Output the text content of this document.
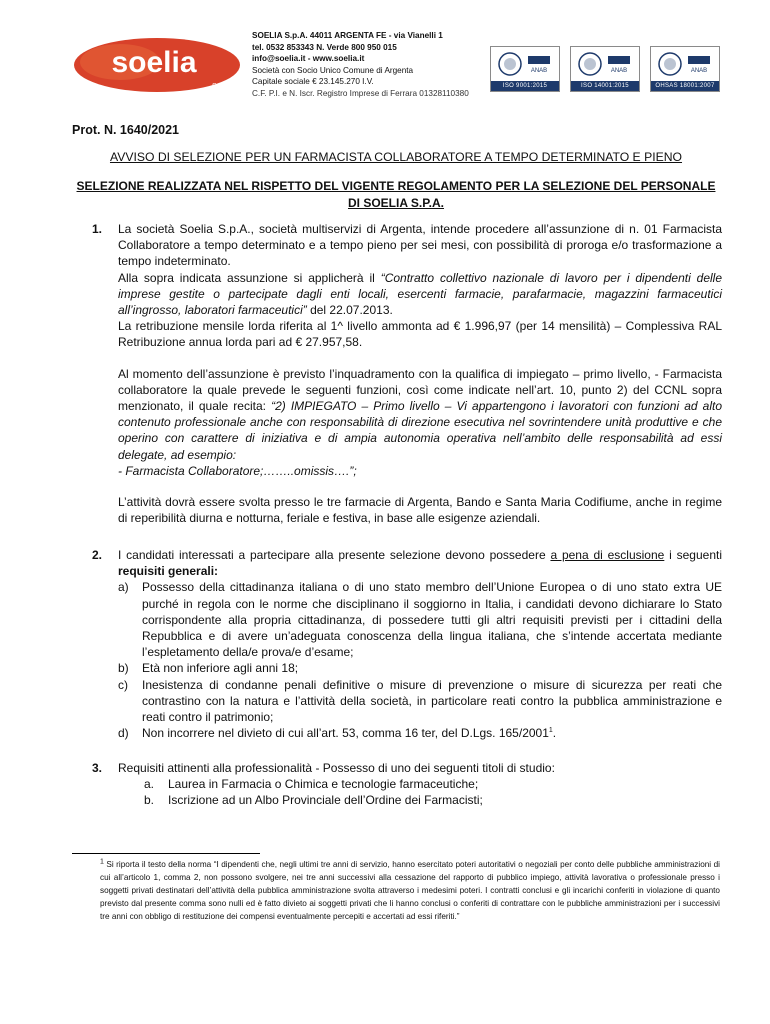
soelia
S.p.A.
SOELIA S.p.A. 44011 ARGENTA FE - via Vianelli 1
tel. 0532 853343 N. Verde 800 950 015
info@soelia.it - www.soelia.it
Società con Socio Unico Comune di Argenta
Capitale sociale € 23.145.270 I.V.
C.F. P.I. e N. Iscr. Registro Imprese di Ferrara 01328110380
ANAB
ISO 9001:2015
ANAB
ISO 14001:2015
ANAB
OHSAS 18001:2007
Prot. N. 1640/2021
AVVISO DI SELEZIONE PER UN FARMACISTA COLLABORATORE A TEMPO DETERMINATO E PIENO
SELEZIONE REALIZZATA NEL RISPETTO DEL VIGENTE REGOLAMENTO PER LA SELEZIONE DEL PERSONALE DI SOELIA S.P.A.
1. La società Soelia S.p.A., società multiservizi di Argenta, intende procedere all’assunzione di n. 01 Farmacista Collaboratore a tempo determinato e a tempo pieno per sei mesi, con possibilità di proroga e/o trasformazione a tempo indeterminato.

Alla sopra indicata assunzione si applicherà il “Contratto collettivo nazionale di lavoro per i dipendenti delle imprese gestite o partecipate dagli enti locali, esercenti farmacie, parafarmacie, magazzini farmaceutici all’ingrosso, laboratori farmaceutici” del 22.07.2013.

La retribuzione mensile lorda riferita al 1^ livello ammonta ad € 1.996,97 (per 14 mensilità) – Complessiva RAL Retribuzione annua lorda pari ad € 27.957,58.

Al momento dell’assunzione è previsto l’inquadramento con la qualifica di impiegato – primo livello, - Farmacista collaboratore la quale prevede le seguenti funzioni, così come indicate nell’art. 10, punto 2) del CCNL sopra menzionato, il quale recita: “2) IMPIEGATO – Primo livello – Vi appartengono i lavoratori con funzioni ad alto contenuto professionale anche con responsabilità di direzione esecutiva nel sovrintendere unità produttive e che operino con carattere di iniziativa e di ampia autonomia operativa nell’ambito delle responsabilità ad essi delegate, ad esempio:

- Farmacista Collaboratore;……..omissis….”;

L’attività dovrà essere svolta presso le tre farmacie di Argenta, Bando e Santa Maria Codifiume, anche in regime di reperibilità diurna e notturna, feriale e festiva, in base alle esigenze aziendali.

2. I candidati interessati a partecipare alla presente selezione devono possedere a pena di esclusione i seguenti requisiti generali:

a) Possesso della cittadinanza italiana o di uno stato membro dell’Unione Europea o di uno stato extra UE purché in regola con le norme che disciplinano il soggiorno in Italia, i candidati devono dichiarare lo Stato corrispondente alla propria cittadinanza, di possedere tutti gli altri requisiti previsti per i cittadini della Repubblica e di avere un’adeguata conoscenza della lingua italiana, che s’intende accertata mediante l’espletamento della/e prova/e d’esame;
b) Età non inferiore agli anni 18;
c) Inesistenza di condanne penali definitive o misure di prevenzione o misure di sicurezza per reati che contrastino con la natura e l’attività della società, in particolare reati contro la pubblica amministrazione e reati contro il patrimonio;
d) Non incorrere nel divieto di cui all’art. 53, comma 16 ter, del D.Lgs. 165/2001$^1$.
3. Requisiti attinenti alla professionalità - Possesso di uno dei seguenti titoli di studio:

a. Laurea in Farmacia o Chimica e tecnologie farmaceutiche;
b. Iscrizione ad un Albo Provinciale dell’Ordine dei Farmacisti;
$^1$ Si riporta il testo della norma “I dipendenti che, negli ultimi tre anni di servizio, hanno esercitato poteri autoritativi o negoziali per conto delle pubbliche amministrazioni di cui all’articolo 1, comma 2, non possono svolgere, nei tre anni successivi alla cessazione del rapporto di pubblico impiego, attività lavorativa o professionale presso i soggetti privati destinatari dell’attività della pubblica amministrazione svolta attraverso i medesimi poteri. I contratti conclusi e gli incarichi conferiti in violazione di quanto previsto dal presente comma sono nulli ed è fatto divieto ai soggetti privati che li hanno conclusi o conferiti di contrattare con le pubbliche amministrazioni per i successivi tre anni con obbligo di restituzione dei compensi eventualmente percepiti e accertati ad essi riferiti.”
